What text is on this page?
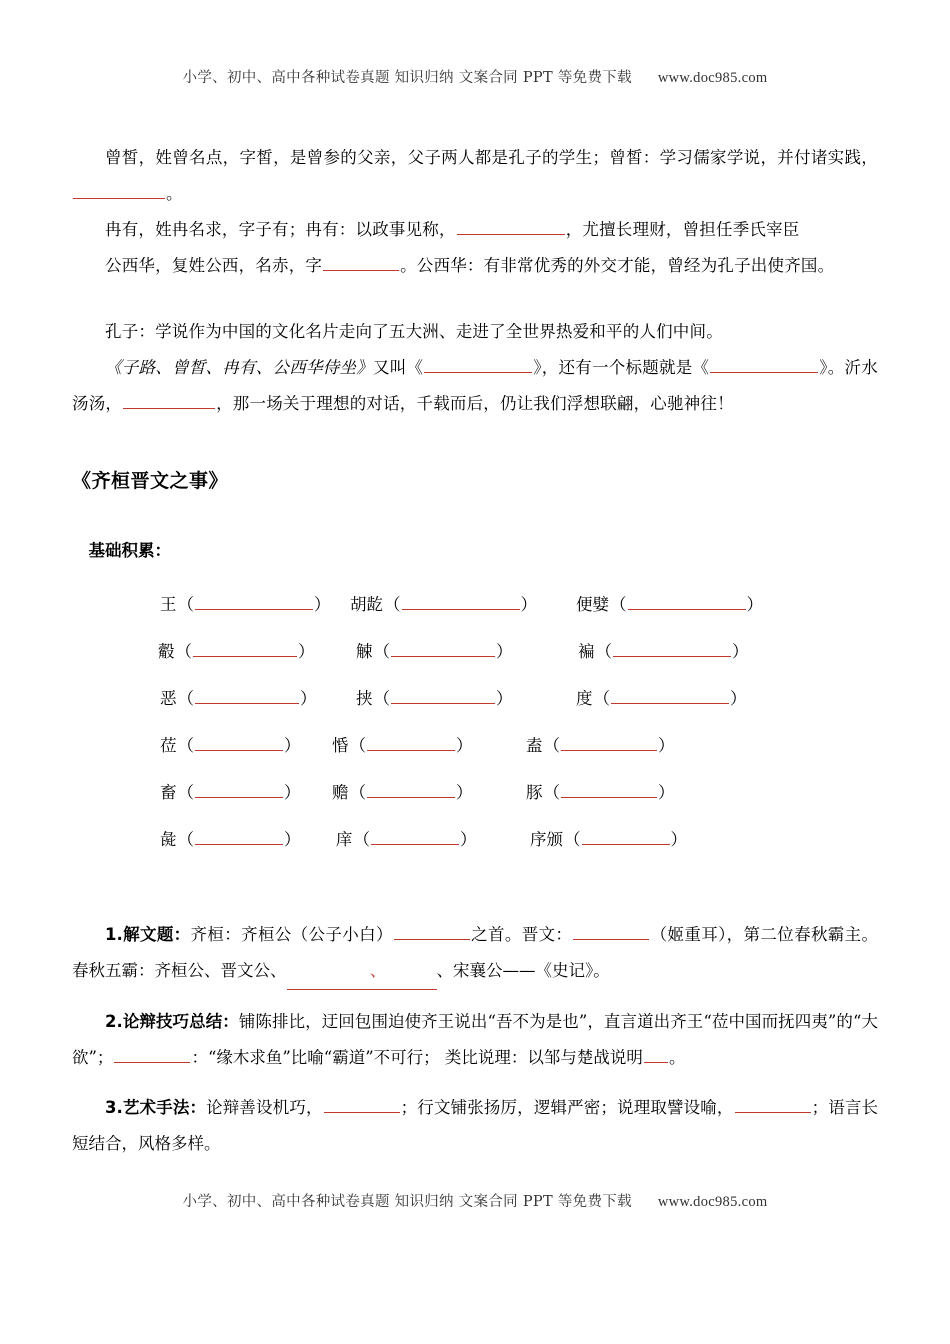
小学、初中、高中各种试卷真题 知识归纳 文案合同 PPT 等免费下载 www.doc985.com

曾皙，姓曾名点，字皙，是曾参的父亲，父子两人都是孔子的学生；曾皙：学习儒家学说，并付诸实践，。

冉有，姓冉名求，字子有；冉有：以政事见称，	，尤擅长理财，曾担任季氏宰臣

公西华，复姓公西，名赤，字	。公西华：有非常优秀的外交才能，曾经为孔子出使齐国。

孔子：学说作为中国的文化名片走向了五大洲、走进了全世界热爱和平的人们中间。

《子路、曾皙、冉有、公西华侍坐》又叫《	》，还有一个标题就是《	》。沂水汤汤，	，那一场关于理想的对话，千载而后，仍让我们浮想联翩，心驰神往！

《齐桓晋文之事》

基础积累：

王 （	） 胡龁 （	） 便嬖 （	）
觳 （	）	觫 （	）	褊 （	）
恶 （	） 挟 （	）	度 （	）
莅 （	） 惛 （	）	盍 （	）
畜 （	） 赡 （	）	豚 （	）
彘 （	） 庠 （	）	序颁 （	）

1.解文题：齐桓：齐桓公（公子小白）	之首。晋文：	（姬重耳），第二位春秋霸主。春秋五霸：齐桓公、晋文公、	、	、宋襄公——《史记》。

2.论辩技巧总结：铺陈排比，迂回包围迫使齐王说出“吾不为是也”，直言道出齐王“莅中国而抚四夷”的“大欲”；	：“缘木求鱼”比喻“霸道”不可行； 类比说理：以邹与楚战说明 。

3.艺术手法：论辩善设机巧，	；行文铺张扬厉，逻辑严密；说理取譬设喻，	；语言长短结合，风格多样。

小学、初中、高中各种试卷真题 知识归纳 文案合同 PPT 等免费下载 www.doc985.com
